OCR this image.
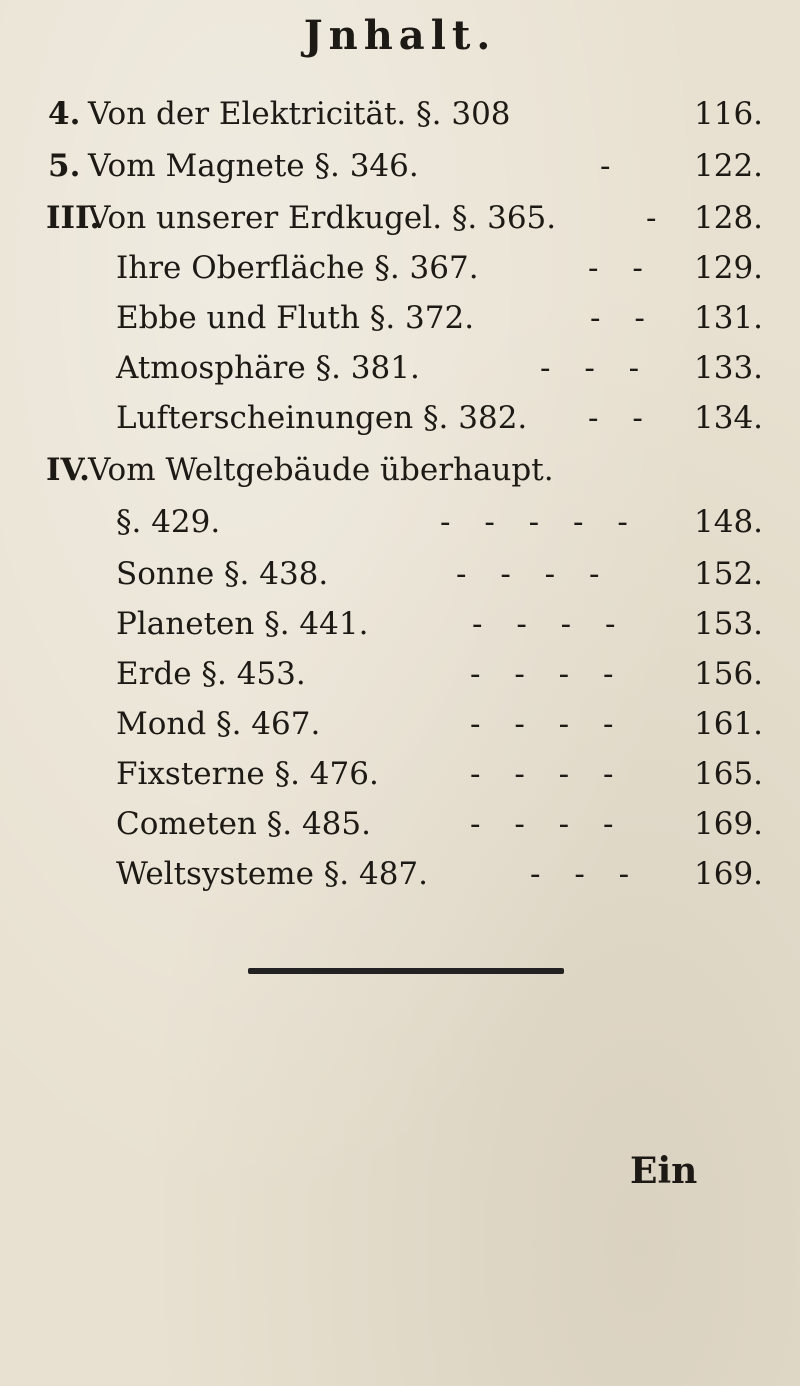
Jnhalt.
4. Von der Elektricität. §. 308	116.
5. Vom Magnete §. 346.	- 122.
III.
Von unserer Erdkugel. §. 365.	- 128.
Ihre Oberfläche §. 367.	- - 129.
Ebbe und Fluth §. 372.	- - 131.
Atmosphäre §. 381.	- - - 133.
Lufterscheinungen §. 382. - - 134.
IV.
Vom Weltgebäude überhaupt.
§. 429.	- - - - - 148.
Sonne §. 438.	- - - -	152.
Planeten §. 441.	- - - - 153.
Erde §. 453.	- - - - 156.
Mond §. 467.	- - - - 161.
Fixsterne §. 476.	- - - - 165.
Cometen §. 485.	- - - - 169.
Weltsysteme §. 487.	- - - 169.
Ein
